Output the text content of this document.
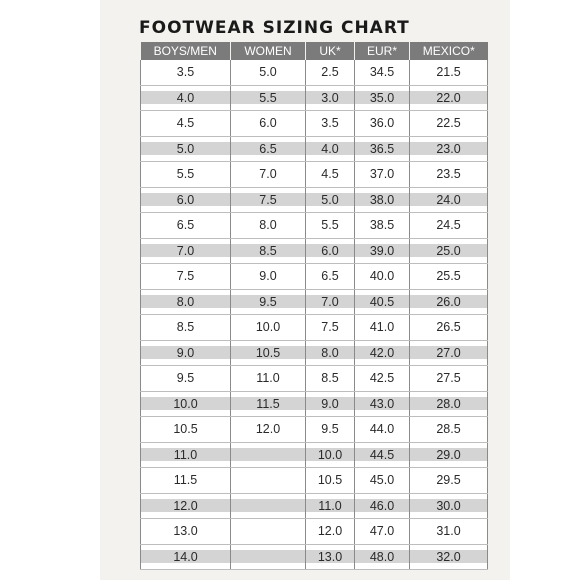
FOOTWEAR SIZING CHART
BOYS/MEN	WOMEN	UK*	EUR*	MEXICO*
3.5	5.0	2.5	34.5	21.5
4.0	5.5	3.0	35.0	22.0
4.5	6.0	3.5	36.0	22.5
5.0	6.5	4.0	36.5	23.0
5.5	7.0	4.5	37.0	23.5
6.0	7.5	5.0	38.0	24.0
6.5	8.0	5.5	38.5	24.5
7.0	8.5	6.0	39.0	25.0
7.5	9.0	6.5	40.0	25.5
8.0	9.5	7.0	40.5	26.0
8.5	10.0	7.5	41.0	26.5
9.0	10.5	8.0	42.0	27.0
9.5	11.0	8.5	42.5	27.5
10.0	11.5	9.0	43.0	28.0
10.5	12.0	9.5	44.0	28.5
11.0		10.0	44.5	29.0
11.5		10.5	45.0	29.5
12.0		11.0	46.0	30.0
13.0		12.0	47.0	31.0
14.0		13.0	48.0	32.0
